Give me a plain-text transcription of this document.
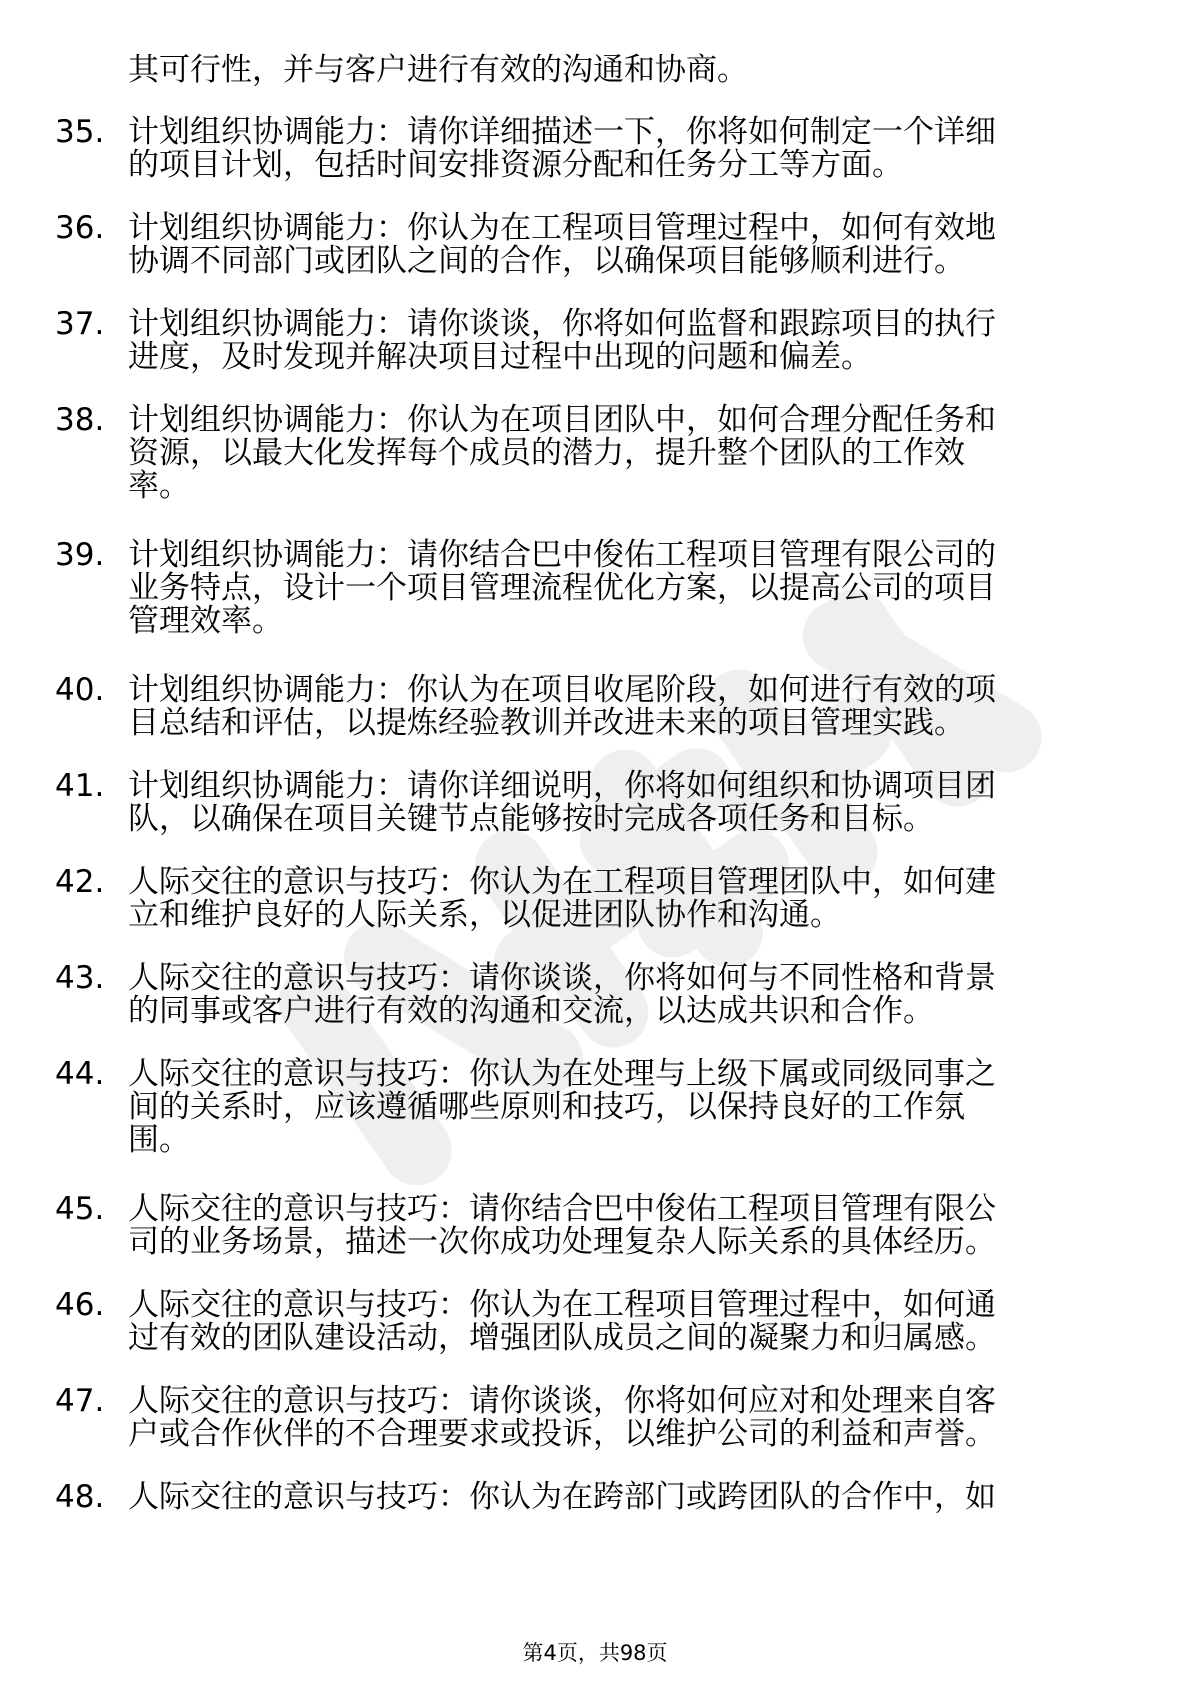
其可行性，并与客户进行有效的沟通和协商。
35. 计划组织协调能力：请你详细描述一下，你将如何制定一个详细
的项目计划，包括时间安排资源分配和任务分工等方面。
36. 计划组织协调能力：你认为在工程项目管理过程中，如何有效地
协调不同部门或团队之间的合作，以确保项目能够顺利进行。
37. 计划组织协调能力：请你谈谈，你将如何监督和跟踪项目的执行
进度，及时发现并解决项目过程中出现的问题和偏差。
38. 计划组织协调能力：你认为在项目团队中，如何合理分配任务和
资源，以最大化发挥每个成员的潜力，提升整个团队的工作效
率。
39. 计划组织协调能力：请你结合巴中俊佑工程项目管理有限公司的
业务特点，设计一个项目管理流程优化方案，以提高公司的项目
管理效率。
40. 计划组织协调能力：你认为在项目收尾阶段，如何进行有效的项
目总结和评估，以提炼经验教训并改进未来的项目管理实践。
41. 计划组织协调能力：请你详细说明，你将如何组织和协调项目团
队，以确保在项目关键节点能够按时完成各项任务和目标。
42. 人际交往的意识与技巧：你认为在工程项目管理团队中，如何建
立和维护良好的人际关系，以促进团队协作和沟通。
43. 人际交往的意识与技巧：请你谈谈，你将如何与不同性格和背景
的同事或客户进行有效的沟通和交流，以达成共识和合作。
44. 人际交往的意识与技巧：你认为在处理与上级下属或同级同事之
间的关系时，应该遵循哪些原则和技巧，以保持良好的工作氛
围。
45. 人际交往的意识与技巧：请你结合巴中俊佑工程项目管理有限公
司的业务场景，描述一次你成功处理复杂人际关系的具体经历。
46. 人际交往的意识与技巧：你认为在工程项目管理过程中，如何通
过有效的团队建设活动，增强团队成员之间的凝聚力和归属感。
47. 人际交往的意识与技巧：请你谈谈，你将如何应对和处理来自客
户或合作伙伴的不合理要求或投诉，以维护公司的利益和声誉。
48. 人际交往的意识与技巧：你认为在跨部门或跨团队的合作中，如
第4页，共98页
